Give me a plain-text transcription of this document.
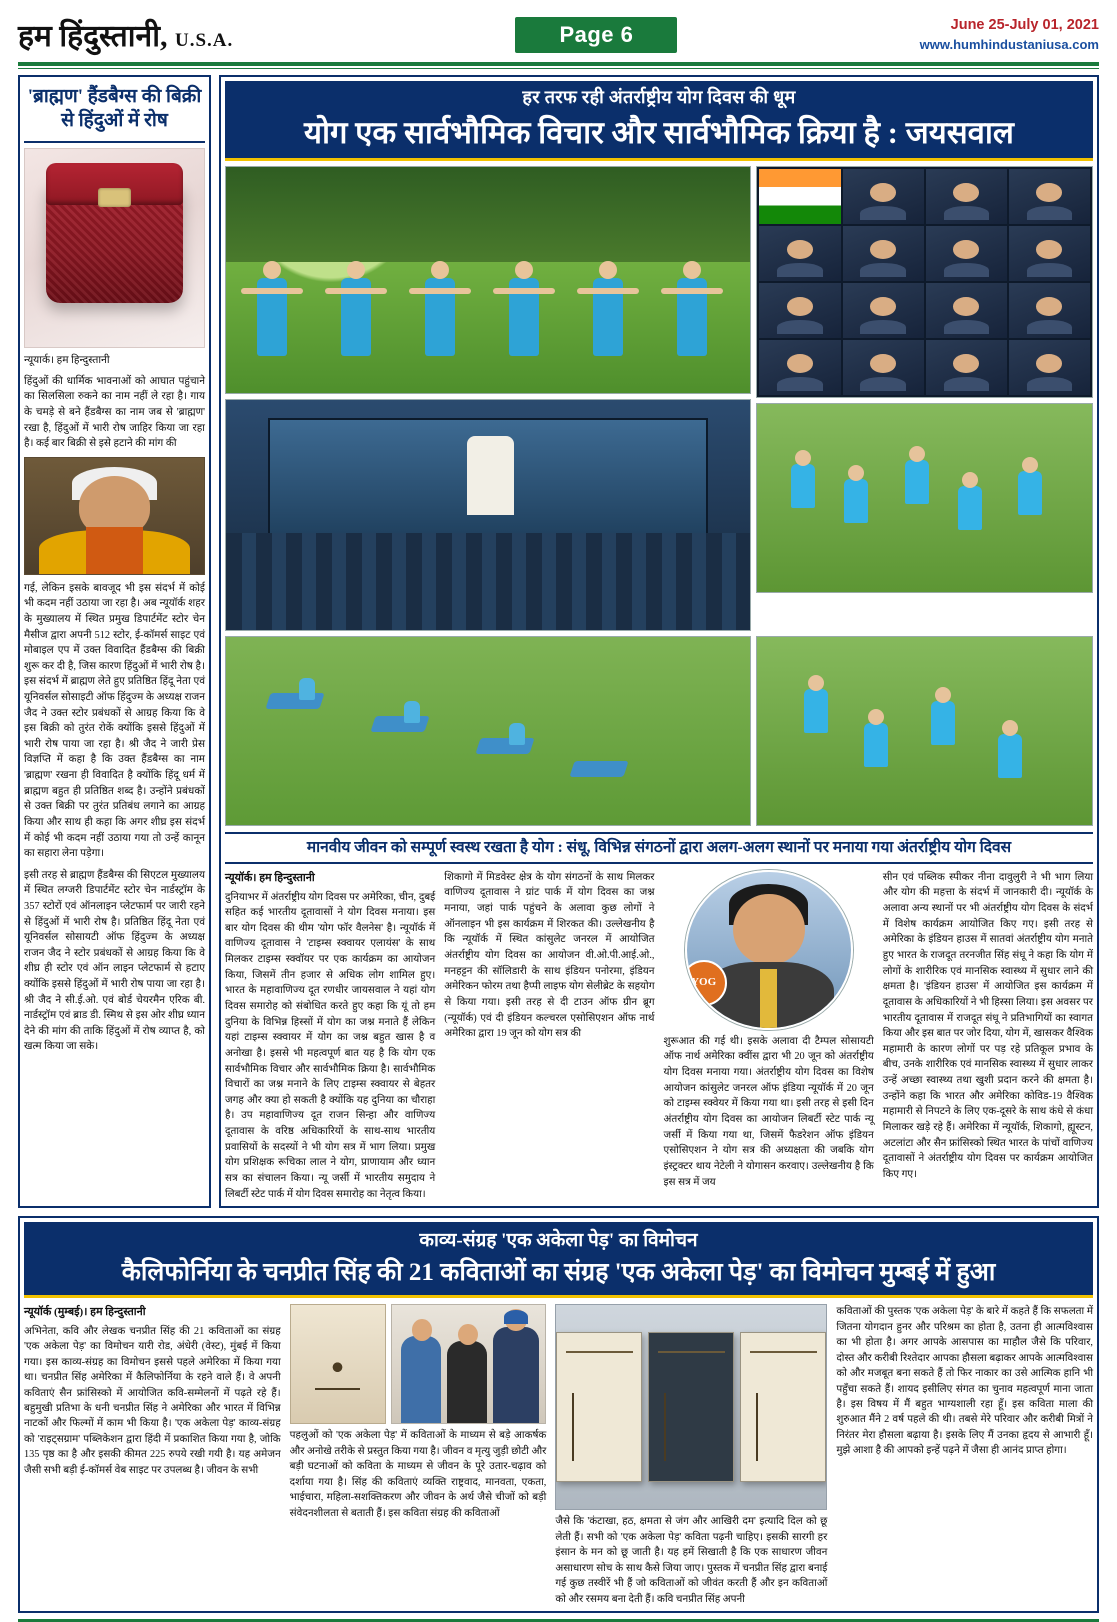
हम हिंदुस्तानी, U.S.A.	Page 6	June 25-July 01, 2021
www.humhindustaniusa.com
'ब्राह्मण' हैंडबैग्स की बिक्री से हिंदुओं में रोष
न्यूयार्क। हम हिन्दुस्तानी
हिंदुओं की धार्मिक भावनाओं को आघात पहुंचाने का सिलसिला रुकने का नाम नहीं ले रहा है। गाय के चमड़े से बने हैंडबैग्स का नाम जब से 'ब्राह्मण' रखा है, हिंदुओं में भारी रोष जाहिर किया जा रहा है। कई बार बिक्री से इसे हटाने की मांग की
गई, लेकिन इसके बावजूद भी इस संदर्भ में कोई भी कदम नहीं उठाया जा रहा है। अब न्यूयॉर्क शहर के मुख्यालय में स्थित प्रमुख डिपार्टमेंट स्टोर चेन मैसीज द्वारा अपनी 512 स्टोर, ई-कॉमर्स साइट एवं मोबाइल एप में उक्त विवादित हैंडबैग्स की बिक्री शुरू कर दी है, जिस कारण हिंदुओं में भारी रोष है। इस संदर्भ में ब्राह्मण लेते हुए प्रतिष्ठित हिंदू नेता एवं यूनिवर्सल सोसाइटी ऑफ हिंदुज्म के अध्यक्ष राजन जैद ने उक्त स्टोर प्रबंधकों से आग्रह किया कि वे इस बिक्री को तुरंत रोकें क्योंकि इससे हिंदुओं में भारी रोष पाया जा रहा है। श्री जैद ने जारी प्रेस विज्ञप्ति में कहा है कि उक्त हैंडबैग्स का नाम 'ब्राह्मण' रखना ही विवादित है क्योंकि हिंदू धर्म में ब्राह्मण बहुत ही प्रतिष्ठित शब्द है। उन्होंने प्रबंधकों से उक्त बिक्री पर तुरंत प्रतिबंध लगाने का आग्रह किया और साथ ही कहा कि अगर शीघ्र इस संदर्भ में कोई भी कदम नहीं उठाया गया तो उन्हें कानून का सहारा लेना पड़ेगा।
इसी तरह से ब्राह्मण हैंडबैग्स की सिएटल मुख्यालय में स्थित लग्जरी डिपार्टमेंट स्टोर चेन नार्डस्ट्रॉम के 357 स्टोरों एवं ऑनलाइन प्लेटफार्म पर जारी रहने से हिंदुओं में भारी रोष है। प्रतिष्ठित हिंदू नेता एवं यूनिवर्सल सोसायटी ऑफ हिंदुज्म के अध्यक्ष राजन जैद ने स्टोर प्रबंधकों से आग्रह किया कि वे शीघ्र ही स्टोर एवं ऑन लाइन प्लेटफार्म से हटाए क्योंकि इससे हिंदुओं में भारी रोष पाया जा रहा है। श्री जैद ने सी.ई.ओ. एवं बोर्ड चेयरमैन एरिक बी. नार्डस्ट्रॉम एवं ब्राड डी. स्मिथ से इस ओर शीघ्र ध्यान देने की मांग की ताकि हिंदुओं में रोष व्याप्त है, को खत्म किया जा सके।
हर तरफ रही अंतर्राष्ट्रीय योग दिवस की धूम
योग एक सार्वभौमिक विचार और सार्वभौमिक क्रिया है : जयसवाल
मानवीय जीवन को सम्पूर्ण स्वस्थ रखता है योग : संधू, विभिन्न संगठनों द्वारा अलग-अलग स्थानों पर मनाया गया अंतर्राष्ट्रीय योग दिवस
न्यूयॉर्क। हम हिन्दुस्तानी
दुनियाभर में अंतर्राष्ट्रीय योग दिवस पर अमेरिका, चीन, दुबई सहित कई भारतीय दूतावासों ने योग दिवस मनाया। इस बार योग दिवस की थीम 'योग फॉर वैलनेस' है। न्यूयॉर्क में वाणिज्य दूतावास ने 'टाइम्स स्क्वायर एलायंस' के साथ मिलकर टाइम्स स्क्वॉयर पर एक कार्यक्रम का आयोजन किया, जिसमें तीन हजार से अधिक लोग शामिल हुए। भारत के महावाणिज्य दूत रणधीर जायसवाल ने यहां योग दिवस समारोह को संबोधित करते हुए कहा कि यूं तो हम दुनिया के विभिन्न हिस्सों में योग का जश्न मनाते हैं लेकिन यहां टाइम्स स्क्वायर में योग का जश्न बहुत खास है व अनोखा है। इससे भी महत्वपूर्ण बात यह है कि योग एक सार्वभौमिक विचार और सार्वभौमिक क्रिया है। सार्वभौमिक विचारों का जश्न मनाने के लिए टाइम्स स्क्वायर से बेहतर जगह और क्या हो सकती है क्योंकि यह दुनिया का चौराहा है। उप महावाणिज्य दूत राजन सिन्हा और वाणिज्य दूतावास के वरिष्ठ अधिकारियों के साथ-साथ भारतीय प्रवासियों के सदस्यों ने भी योग सत्र में भाग लिया। प्रमुख योग प्रशिक्षक रूचिका लाल ने योग, प्राणायाम और ध्यान सत्र का संचालन किया। न्यू जर्सी में भारतीय समुदाय ने लिबर्टी स्टेट पार्क में योग दिवस समारोह का नेतृत्व किया।
शिकागो में मिडवेस्ट क्षेत्र के योग संगठनों के साथ मिलकर वाणिज्य दूतावास ने ग्रांट पार्क में योग दिवस का जश्न मनाया, जहां पार्क पहुंचने के अलावा कुछ लोगों ने ऑनलाइन भी इस कार्यक्रम में शिरकत की। उल्लेखनीय है कि न्यूयॉर्क में स्थित कांसुलेट जनरल में आयोजित अंतर्राष्ट्रीय योग दिवस का आयोजन वी.ओ.पी.आई.ओ., मनहट्टन की सॉलिडारी के साथ इंडियन पनोरमा, इंडियन अमेरिकन फोरम तथा हैप्पी लाइफ योग सेलीब्रेट के सहयोग से किया गया। इसी तरह से दी टाउन ऑफ ग्रीन ब्रूग (न्यूयॉर्क) एवं दी इंडियन कल्चरल एसोसिएशन ऑफ नार्थ अमेरिका द्वारा 19 जून को योग सत्र की
YOG
शुरूआत की गई थी। इसके अलावा दी टैम्पल सोसायटी ऑफ नार्थ अमेरिका क्वींस द्वारा भी 20 जून को अंतर्राष्ट्रीय योग दिवस मनाया गया। अंतर्राष्ट्रीय योग दिवस का विशेष आयोजन कांसुलेट जनरल ऑफ इंडिया न्यूयॉर्क में 20 जून को टाइम्स स्क्वेयर में किया गया था। इसी तरह से इसी दिन अंतर्राष्ट्रीय योग दिवस का आयोजन लिबर्टी स्टेट पार्क न्यू जर्सी में किया गया था, जिसमें फैडरेशन ऑफ इंडियन एसोसिएशन ने योग सत्र की अध्यक्षता की जबकि योग इंस्ट्रक्टर थाय नेटेली ने योगासन करवाए। उल्लेखनीय है कि इस सत्र में जय
सीन एवं पब्लिक स्पीकर नीना दावुलुरी ने भी भाग लिया और योग की महत्ता के संदर्भ में जानकारी दी। न्यूयॉर्क के अलावा अन्य स्थानों पर भी अंतर्राष्ट्रीय योग दिवस के संदर्भ में विशेष कार्यक्रम आयोजित किए गए। इसी तरह से अमेरिका के इंडियन हाउस में सातवां अंतर्राष्ट्रीय योग मनाते हुए भारत के राजदूत तरनजीत सिंह संधू ने कहा कि योग में लोगों के शारीरिक एवं मानसिक स्वास्थ्य में सुधार लाने की क्षमता है। 'इंडियन हाउस' में आयोजित इस कार्यक्रम में दूतावास के अधिकारियों ने भी हिस्सा लिया। इस अवसर पर भारतीय दूतावास में राजदूत संधू ने प्रतिभागियों का स्वागत किया और इस बात पर जोर दिया, योग में, खासकर वैश्विक महामारी के कारण लोगों पर पड़ रहे प्रतिकूल प्रभाव के बीच, उनके शारीरिक एवं मानसिक स्वास्थ्य में सुधार लाकर उन्हें अच्छा स्वास्थ्य तथा खुशी प्रदान करने की क्षमता है। उन्होंने कहा कि भारत और अमेरिका कोविड-19 वैश्विक महामारी से निपटने के लिए एक-दूसरे के साथ कंधे से कंधा मिलाकर खड़े रहे हैं। अमेरिका में न्यूयॉर्क, शिकागो, ह्यूस्टन, अटलांटा और सैन फ्रांसिस्को स्थित भारत के पांचों वाणिज्य दूतावासों ने अंतर्राष्ट्रीय योग दिवस पर कार्यक्रम आयोजित किए गए।
काव्य-संग्रह 'एक अकेला पेड़' का विमोचन
कैलिफोर्निया के चनप्रीत सिंह की 21 कविताओं का संग्रह 'एक अकेला पेड़' का विमोचन मुम्बई में हुआ
न्यूयॉर्क (मुम्बई)। हम हिन्दुस्तानी
अभिनेता, कवि और लेखक चनप्रीत सिंह की 21 कविताओं का संग्रह 'एक अकेला पेड़' का विमोचन यारी रोड, अंधेरी (वेस्ट), मुंबई में किया गया। इस काव्य-संग्रह का विमोचन इससे पहले अमेरिका में किया गया था। चनप्रीत सिंह अमेरिका में कैलिफोर्निया के रहने वाले हैं। वे अपनी कविताएं सैन फ्रांसिस्को में आयोजित कवि-सम्मेलनों में पढ़ते रहे हैं। बहुमुखी प्रतिभा के धनी चनप्रीत सिंह ने अमेरिका और भारत में विभिन्न नाटकों और फिल्मों में काम भी किया है। 'एक अकेला पेड़' काव्य-संग्रह को 'राइट्सग्राम' पब्लिकेशन द्वारा हिंदी में प्रकाशित किया गया है, जोकि 135 पृष्ठ का है और इसकी कीमत 225 रुपये रखी गयी है। यह अमेजन जैसी सभी बड़ी ई-कॉमर्स वेब साइट पर उपलब्ध है। जीवन के सभी
पहलुओं को 'एक अकेला पेड़' में कविताओं के माध्यम से बड़े आकर्षक और अनोखे तरीके से प्रस्तुत किया गया है। जीवन व मृत्यु जुड़ी छोटी और बड़ी घटनाओं को कविता के माध्यम से जीवन के पूरे उतार-चढ़ाव को दर्शाया गया है। सिंह की कविताएं व्यक्ति राष्ट्रवाद, मानवता, एकता, भाईचारा, महिला-सशक्तिकरण और जीवन के अर्थ जैसे चीजों को बड़ी संवेदनशीलता से बताती हैं। इस कविता संग्रह की कविताओं
जैसे कि 'कंटाखा, हठ, क्षमता से जंग और आखिरी दम' इत्यादि दिल को छू लेती हैं। सभी को 'एक अकेला पेड़' कविता पढ़नी चाहिए। इसकी सारगी हर इंसान के मन को छू जाती है। यह हमें सिखाती है कि एक साधारण जीवन असाधारण सोच के साथ कैसे जिया जाए। पुस्तक में चनप्रीत सिंह द्वारा बनाई गई कुछ तस्वीरें भी हैं जो कविताओं को जीवंत करती हैं और इन कविताओं को और रसमय बना देती हैं। कवि चनप्रीत सिंह अपनी
कविताओं की पुस्तक 'एक अकेला पेड़' के बारे में कहते हैं कि सफलता में जितना योगदान हुनर और परिश्रम का होता है, उतना ही आत्मविश्वास का भी होता है। अगर आपके आसपास का माहौल जैसे कि परिवार, दोस्त और करीबी रिश्तेदार आपका हौसला बढ़ाकर आपके आत्मविश्वास को और मजबूत बना सकते हैं तो फिर नाकार का उसे आत्मिक हानि भी पहुँचा सकते हैं। शायद इसीलिए संगत का चुनाव महत्वपूर्ण माना जाता है। इस विषय में मैं बहुत भाग्यशाली रहा हूँ। इस कविता माला की शुरुआत मैंने 2 वर्ष पहले की थी। तबसे मेरे परिवार और करीबी मित्रों ने निरंतर मेरा हौसला बढ़ाया है। इसके लिए मैं उनका हृदय से आभारी हूँ। मुझे आशा है की आपको इन्हें पढ़ने में जैसा ही आनंद प्राप्त होगा।
